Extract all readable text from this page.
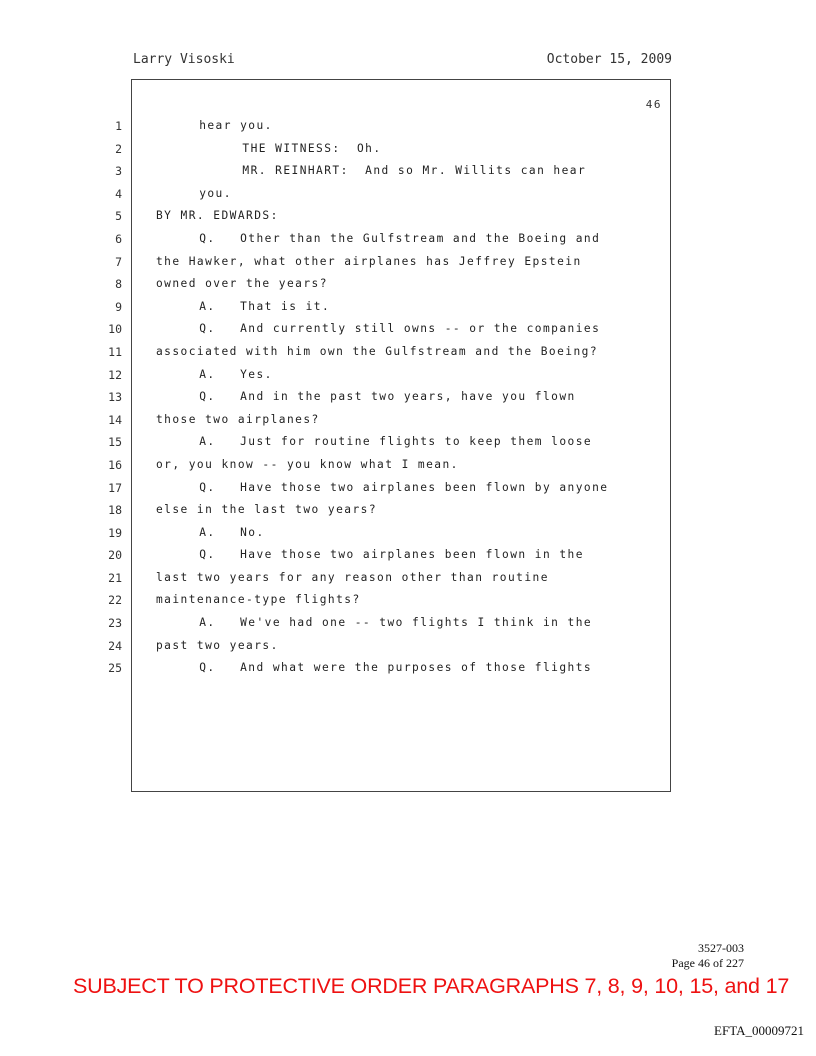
Larry Visoski	October 15, 2009
46
1	hear you.
2	THE WITNESS:  Oh.
3	MR. REINHART:  And so Mr. Willits can hear
4	you.
5	BY MR. EDWARDS:
6	Q.   Other than the Gulfstream and the Boeing and
7	the Hawker, what other airplanes has Jeffrey Epstein
8	owned over the years?
9	A.   That is it.
10	Q.   And currently still owns -- or the companies
11	associated with him own the Gulfstream and the Boeing?
12	A.   Yes.
13	Q.   And in the past two years, have you flown
14	those two airplanes?
15	A.   Just for routine flights to keep them loose
16	or, you know -- you know what I mean.
17	Q.   Have those two airplanes been flown by anyone
18	else in the last two years?
19	A.   No.
20	Q.   Have those two airplanes been flown in the
21	last two years for any reason other than routine
22	maintenance-type flights?
23	A.   We've had one -- two flights I think in the
24	past two years.
25	Q.   And what were the purposes of those flights
3527-003
Page 46 of 227
SUBJECT TO PROTECTIVE ORDER PARAGRAPHS 7, 8, 9, 10, 15, and 17
EFTA_00009721
